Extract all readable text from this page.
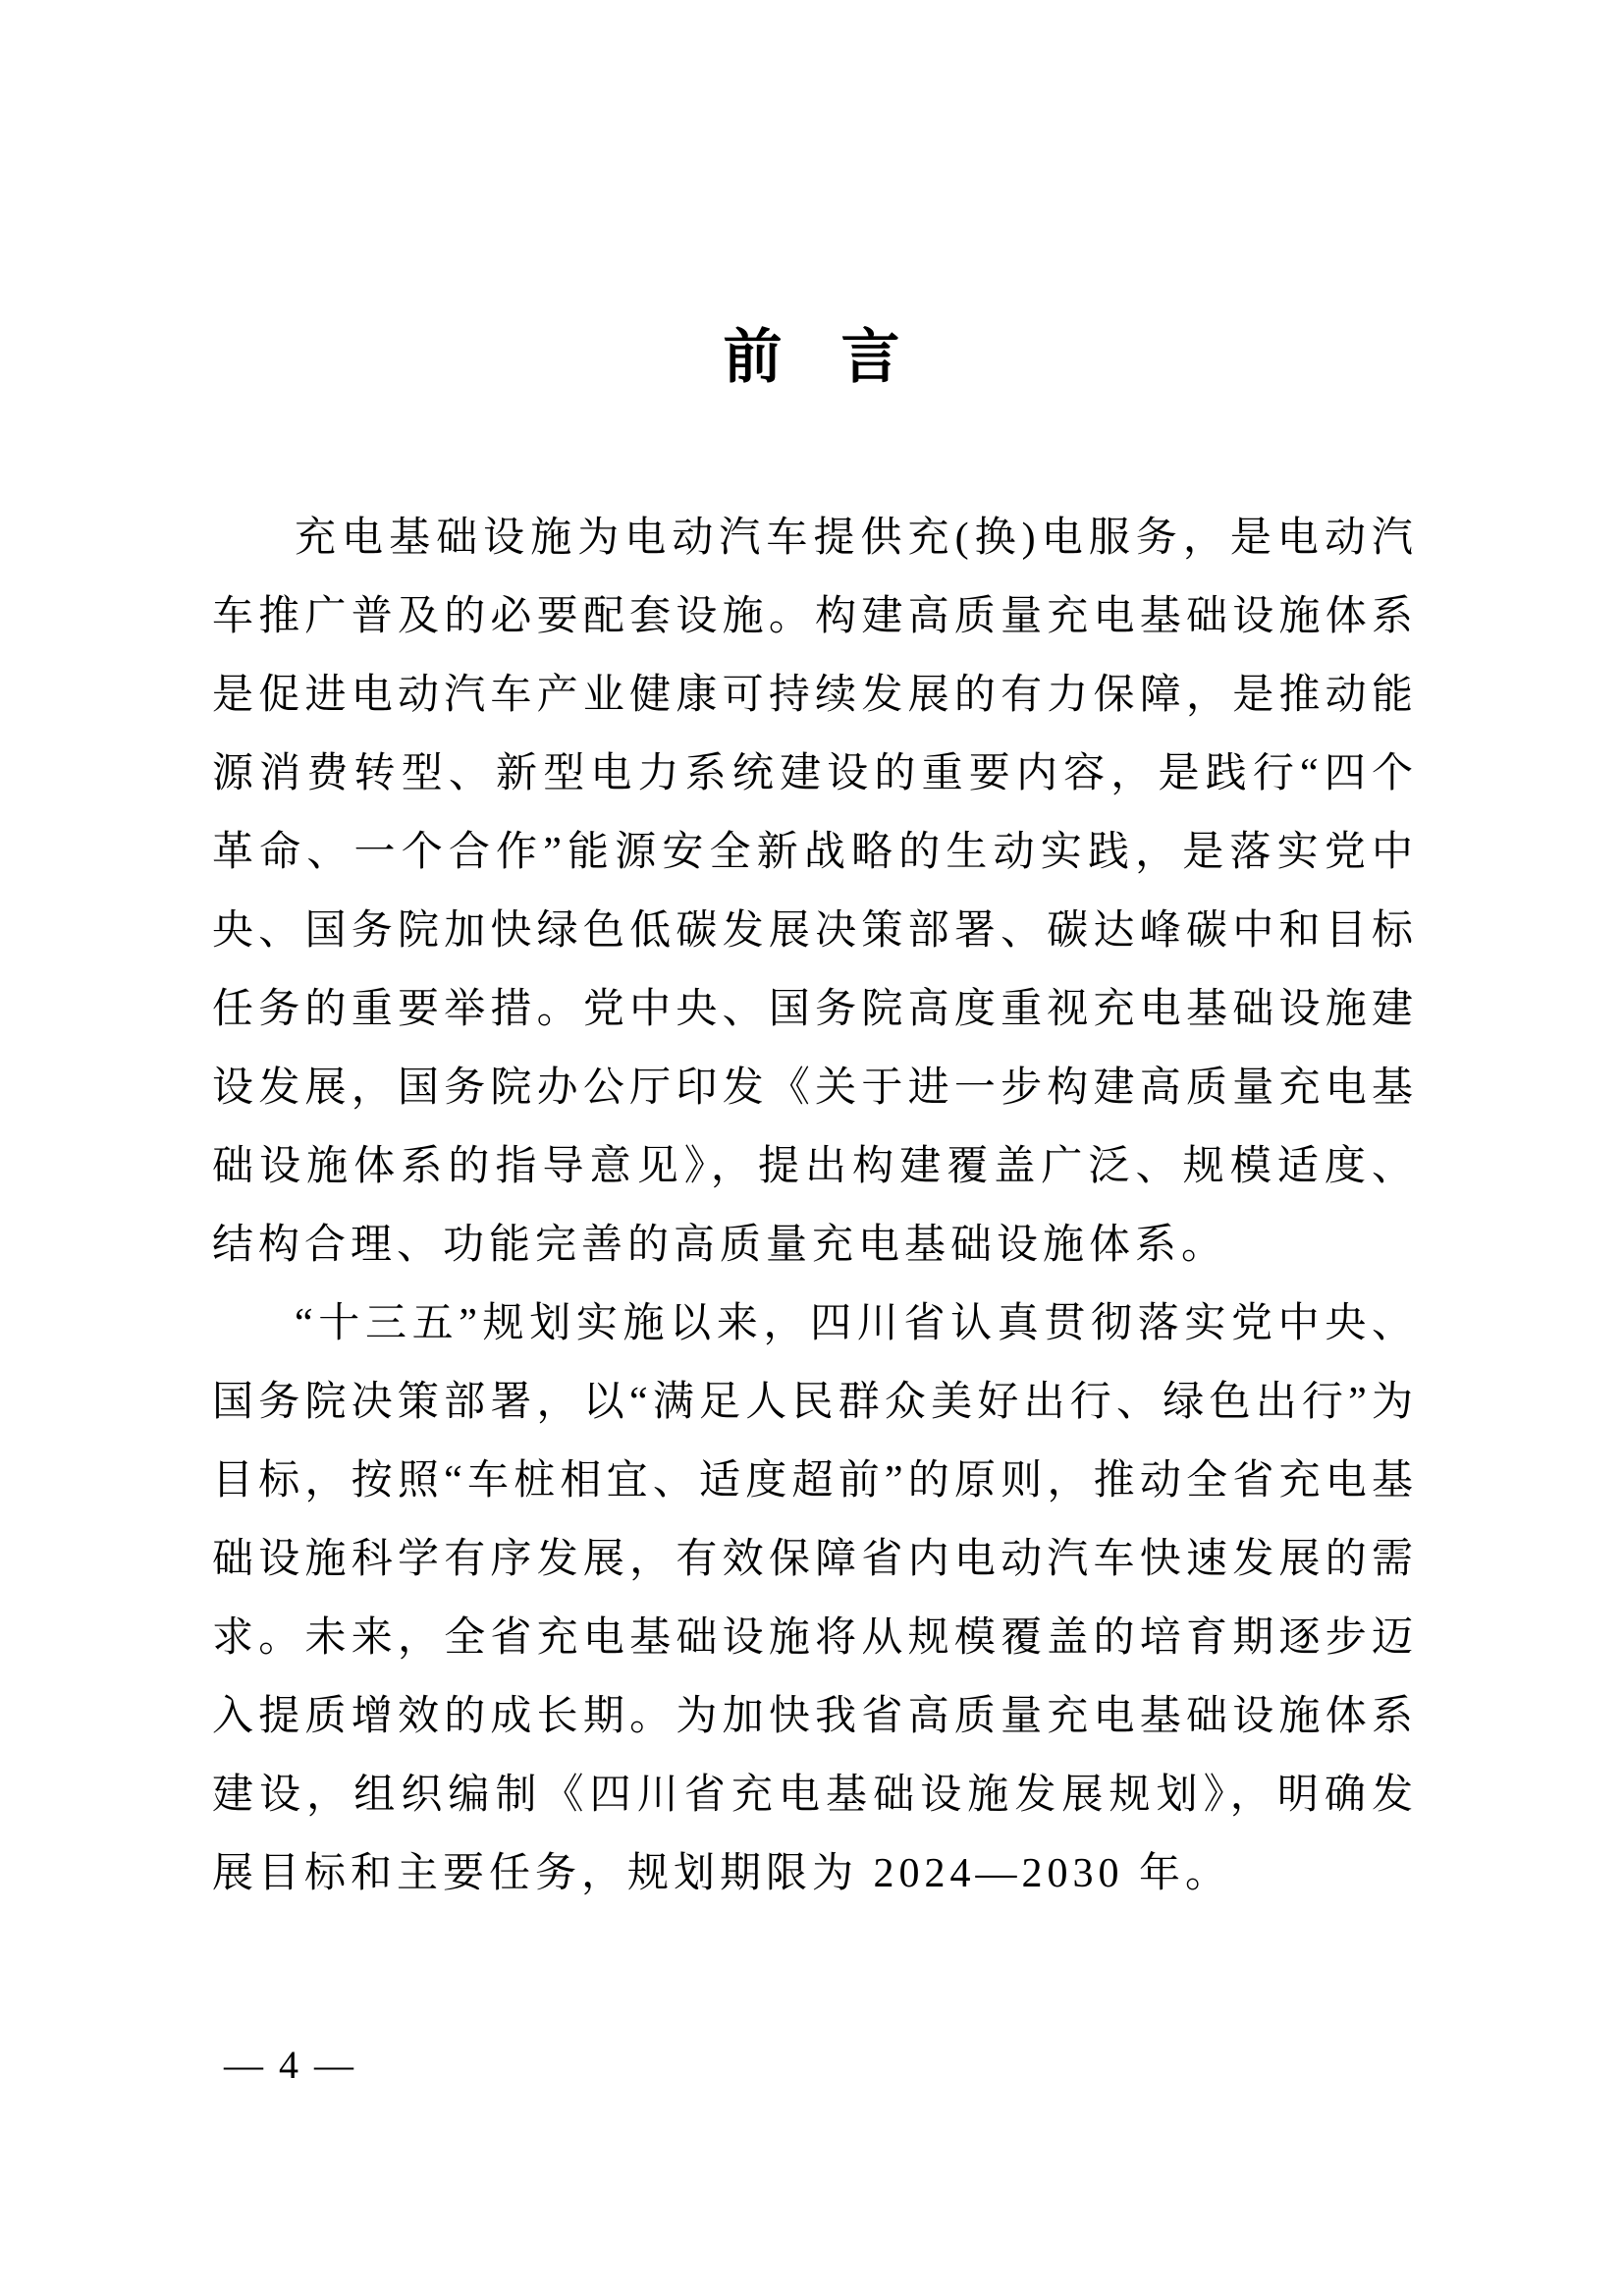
前　言

充电基础设施为电动汽车提供充(换)电服务，是电动汽车推广普及的必要配套设施。构建高质量充电基础设施体系是促进电动汽车产业健康可持续发展的有力保障，是推动能源消费转型、新型电力系统建设的重要内容，是践行“四个革命、一个合作”能源安全新战略的生动实践，是落实党中央、国务院加快绿色低碳发展决策部署、碳达峰碳中和目标任务的重要举措。党中央、国务院高度重视充电基础设施建设发展，国务院办公厅印发《关于进一步构建高质量充电基础设施体系的指导意见》，提出构建覆盖广泛、规模适度、结构合理、功能完善的高质量充电基础设施体系。

“十三五”规划实施以来，四川省认真贯彻落实党中央、国务院决策部署，以“满足人民群众美好出行、绿色出行”为目标，按照“车桩相宜、适度超前”的原则，推动全省充电基础设施科学有序发展，有效保障省内电动汽车快速发展的需求。未来，全省充电基础设施将从规模覆盖的培育期逐步迈入提质增效的成长期。为加快我省高质量充电基础设施体系建设，组织编制《四川省充电基础设施发展规划》，明确发展目标和主要任务，规划期限为 2024—2030 年。

— 4 —
